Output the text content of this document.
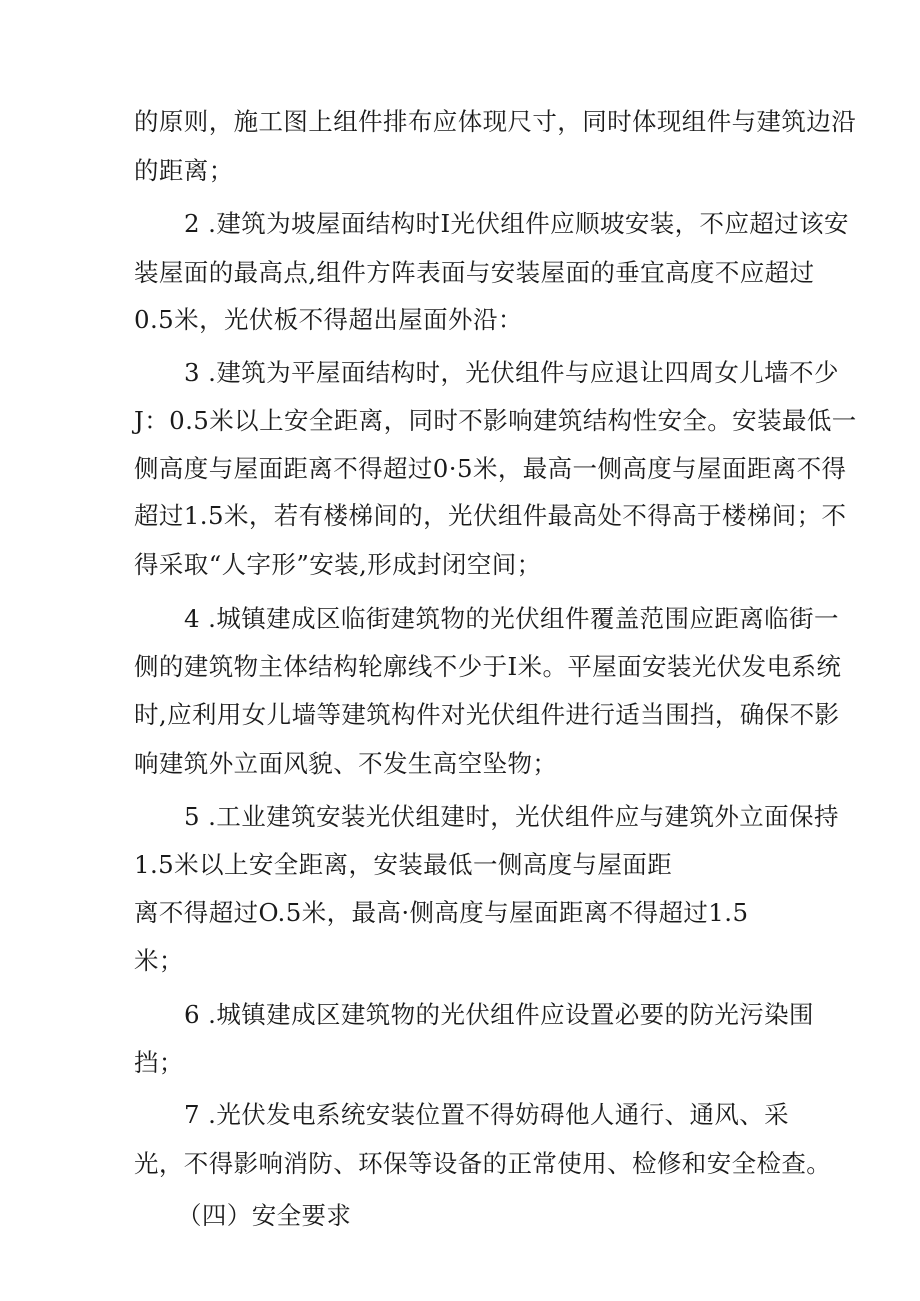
的原则，施工图上组件排布应体现尺寸，同时体现组件与建筑边沿
的距离；
2 .建筑为坡屋面结构时I光伏组件应顺坡安装，不应超过该安
装屋面的最高点,组件方阵表面与安装屋面的垂宜高度不应超过
0.5米，光伏板不得超出屋面外沿：
3 .建筑为平屋面结构时，光伏组件与应退让四周女儿墙不少
J：0.5米以上安全距离，同时不影响建筑结构性安全。安装最低一
侧高度与屋面距离不得超过0·5米，最高一侧高度与屋面距离不得
超过1.5米，若有楼梯间的，光伏组件最高处不得高于楼梯间；不
得采取“人字形”安装,形成封闭空间；
4 .城镇建成区临街建筑物的光伏组件覆盖范围应距离临街一
侧的建筑物主体结构轮廓线不少于I米。平屋面安装光伏发电系统
时,应利用女儿墙等建筑构件对光伏组件进行适当围挡，确保不影
响建筑外立面风貌、不发生高空坠物；
5 .工业建筑安装光伏组建时，光伏组件应与建筑外立面保持
1.5米以上安全距离，安装最低一侧高度与屋面距
离不得超过O.5米，最高·侧高度与屋面距离不得超过1.5
米；
6 .城镇建成区建筑物的光伏组件应设置必要的防光污染围
挡；
7 .光伏发电系统安装位置不得妨碍他人通行、通风、采
光，不得影响消防、环保等设备的正常使用、检修和安全检查。
（四）安全要求
